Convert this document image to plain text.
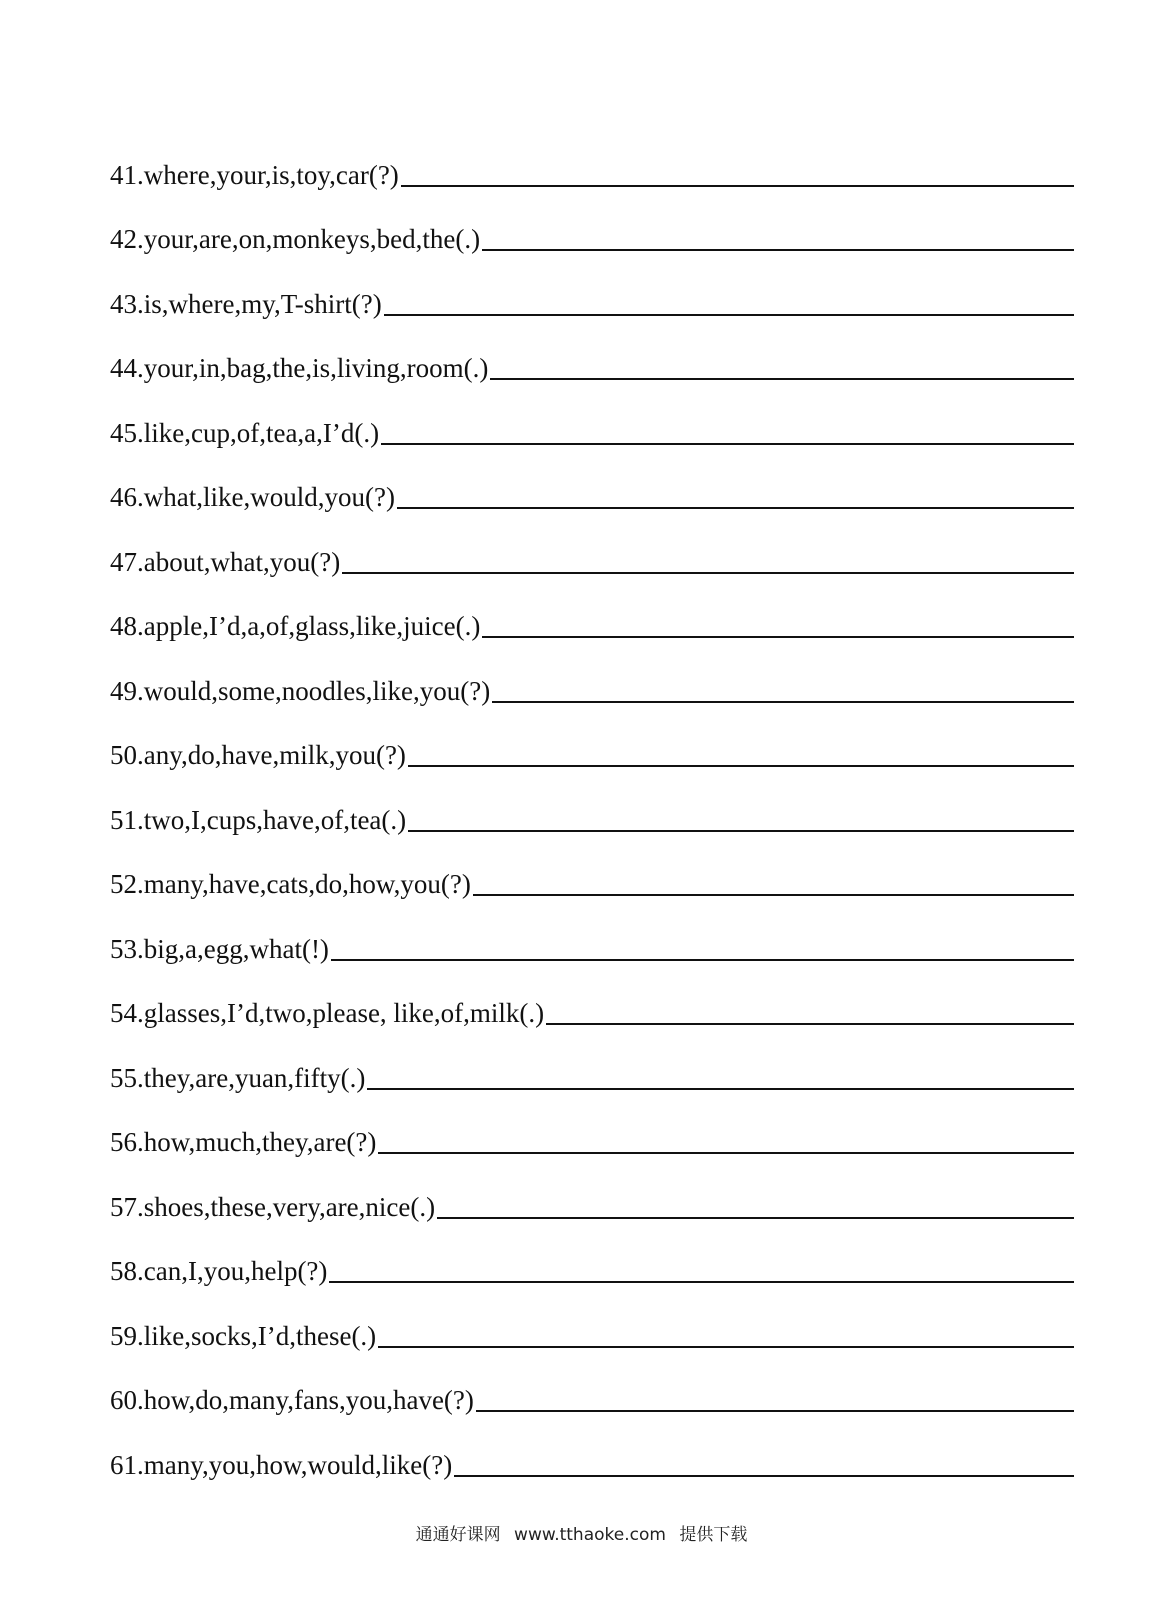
41.where,your,is,toy,car(?)
42.your,are,on,monkeys,bed,the(.)
43.is,where,my,T-shirt(?)
44.your,in,bag,the,is,living,room(.)
45.like,cup,of,tea,a,I’d(.)
46.what,like,would,you(?)
47.about,what,you(?)
48.apple,I’d,a,of,glass,like,juice(.)
49.would,some,noodles,like,you(?)
50.any,do,have,milk,you(?)
51.two,I,cups,have,of,tea(.)
52.many,have,cats,do,how,you(?)
53.big,a,egg,what(!)
54.glasses,I’d,two,please, like,of,milk(.)
55.they,are,yuan,fifty(.)
56.how,much,they,are(?)
57.shoes,these,very,are,nice(.)
58.can,I,you,help(?)
59.like,socks,I’d,these(.)
60.how,do,many,fans,you,have(?)
61.many,you,how,would,like(?)
通通好课网 www.tthaoke.com 提供下载
